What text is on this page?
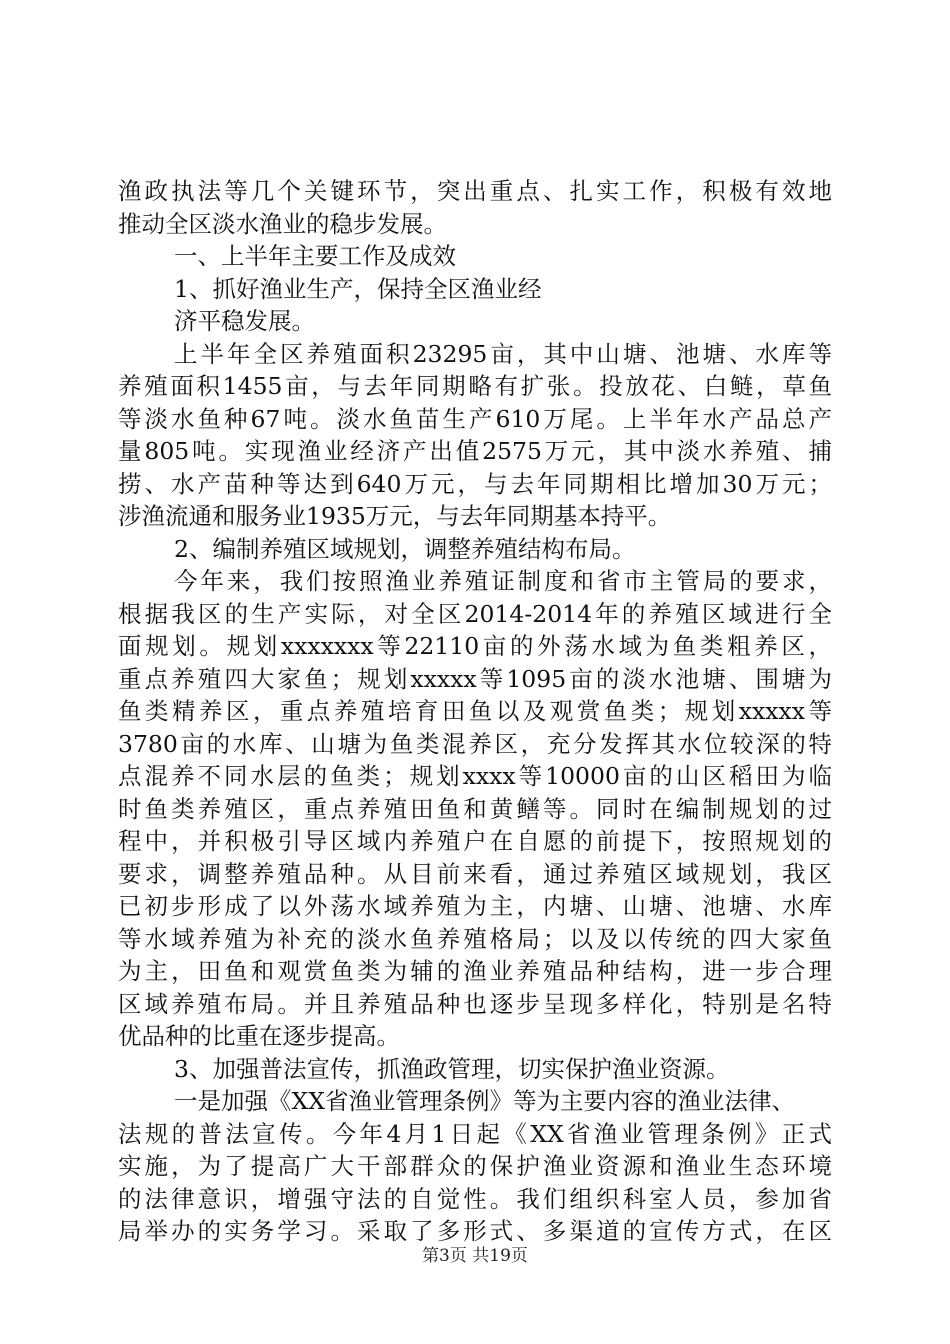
渔政执法等几个关键环节，突出重点、扎实工作，积极有效地
推动全区淡水渔业的稳步发展。
一、上半年主要工作及成效
1、抓好渔业生产，保持全区渔业经
济平稳发展。
上半年全区养殖面积23295亩，其中山塘、池塘、水库等
养殖面积1455亩，与去年同期略有扩张。投放花、白鲢，草鱼
等淡水鱼种67吨。淡水鱼苗生产610万尾。上半年水产品总产
量805吨。实现渔业经济产出值2575万元，其中淡水养殖、捕
捞、水产苗种等达到640万元，与去年同期相比增加30万元；
涉渔流通和服务业1935万元，与去年同期基本持平。
2、编制养殖区域规划，调整养殖结构布局。
今年来，我们按照渔业养殖证制度和省市主管局的要求，
根据我区的生产实际，对全区2014-2014年的养殖区域进行全
面规划。规划xxxxxxx等22110亩的外荡水域为鱼类粗养区，
重点养殖四大家鱼；规划xxxxx等1095亩的淡水池塘、围塘为
鱼类精养区，重点养殖培育田鱼以及观赏鱼类；规划xxxxx等
3780亩的水库、山塘为鱼类混养区，充分发挥其水位较深的特
点混养不同水层的鱼类；规划xxxx等10000亩的山区稻田为临
时鱼类养殖区，重点养殖田鱼和黄鳝等。同时在编制规划的过
程中，并积极引导区域内养殖户在自愿的前提下，按照规划的
要求，调整养殖品种。从目前来看，通过养殖区域规划，我区
已初步形成了以外荡水域养殖为主，内塘、山塘、池塘、水库
等水域养殖为补充的淡水鱼养殖格局；以及以传统的四大家鱼
为主，田鱼和观赏鱼类为辅的渔业养殖品种结构，进一步合理
区域养殖布局。并且养殖品种也逐步呈现多样化，特别是名特
优品种的比重在逐步提高。
3、加强普法宣传，抓渔政管理，切实保护渔业资源。
一是加强《XX省渔业管理条例》等为主要内容的渔业法律、
法规的普法宣传。今年4月1日起《XX省渔业管理条例》正式
实施，为了提高广大干部群众的保护渔业资源和渔业生态环境
的法律意识，增强守法的自觉性。我们组织科室人员，参加省
局举办的实务学习。采取了多形式、多渠道的宣传方式，在区
第3页 共19页
